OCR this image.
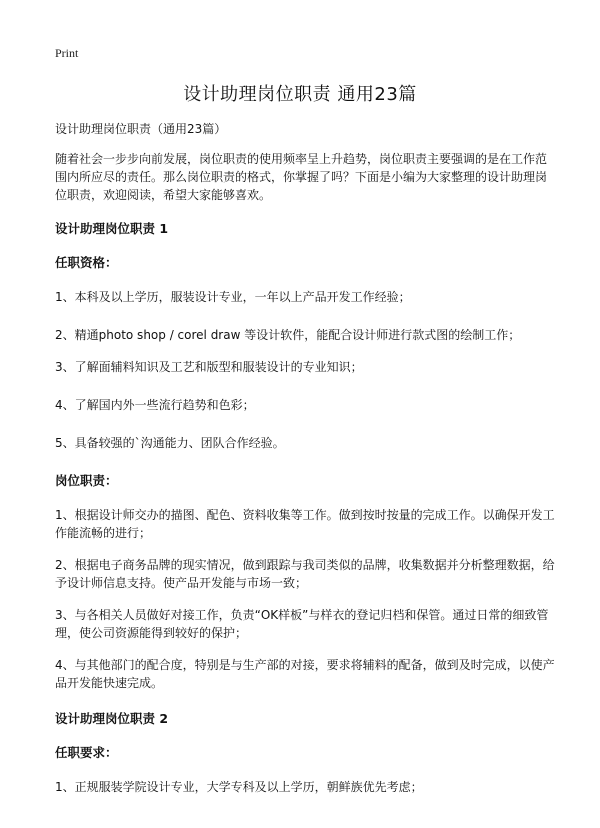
Print
设计助理岗位职责 通用23篇

设计助理岗位职责（通用23篇）

随着社会一步步向前发展，岗位职责的使用频率呈上升趋势，岗位职责主要强调的是在工作范围内所应尽的责任。那么岗位职责的格式，你掌握了吗？下面是小编为大家整理的设计助理岗位职责，欢迎阅读，希望大家能够喜欢。

设计助理岗位职责 1
任职资格：

1、本科及以上学历，服装设计专业，一年以上产品开发工作经验；

2、精通photo shop / corel draw 等设计软件，能配合设计师进行款式图的绘制工作；

3、了解面辅料知识及工艺和版型和服装设计的专业知识；

4、了解国内外一些流行趋势和色彩；

5、具备较强的`沟通能力、团队合作经验。

岗位职责：

1、根据设计师交办的描图、配色、资料收集等工作。做到按时按量的完成工作。以确保开发工作能流畅的进行；

2、根据电子商务品牌的现实情况，做到跟踪与我司类似的品牌，收集数据并分析整理数据，给予设计师信息支持。使产品开发能与市场一致；

3、与各相关人员做好对接工作，负责“OK样板”与样衣的登记归档和保管。通过日常的细致管理，使公司资源能得到较好的保护；

4、与其他部门的配合度，特别是与生产部的对接，要求将辅料的配备，做到及时完成，以使产品开发能快速完成。

设计助理岗位职责 2
任职要求：

1、正规服装学院设计专业，大学专科及以上学历，朝鲜族优先考虑；
